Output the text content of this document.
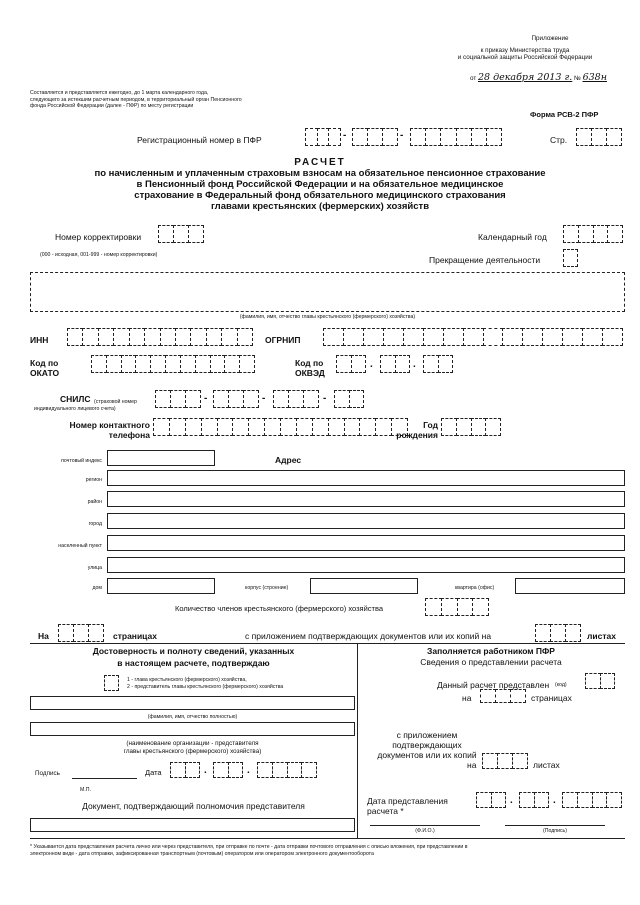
Приложение
к приказу Министерства труда
и социальной защиты Российской Федерации
от 28 декабря 2013 г. № 638н
Составляется и представляется ежегодно, до 1 марта календарного года,
следующего за истекшим расчетным периодом, в территориальный орган Пенсионного
фонда Российской Федерации (далее - ПФР) по месту регистрации
Форма РСВ-2 ПФР
Регистрационный номер в ПФР	-	-	Стр.
РАСЧЕТ
по начисленным и уплаченным страховым взносам на обязательное пенсионное страхование
в Пенсионный фонд Российской Федерации и на обязательное медицинское
страхование в Федеральный фонд обязательного медицинского страхования
главами крестьянских (фермерских) хозяйств
Номер корректировки
(000 - исходная, 001-999 - номер корректировки)
Календарный год
Прекращение деятельности
(фамилия, имя, отчество главы крестьянского (фермерского) хозяйства)
ИНН	ОГРНИП
Код по
ОКАТО
Код по
ОКВЭД
.	.
СНИЛС (страховой номер
индивидуального лицевого счета)
-	-	-
Номер контактного
телефона
Год
рождения
почтовый индекс	Адрес
регион
район
город
населенный пункт
улица
дом	корпус (строение)	квартира (офис)
Количество членов крестьянского (фермерского) хозяйства
На	страницах	с приложением подтверждающих документов или их копий на	листах
Достоверность и полноту сведений, указанных
в настоящем расчете, подтверждаю
1 - глава крестьянского (фермерского) хозяйства,
2 - представитель главы крестьянского (фермерского) хозяйства
(фамилия, имя, отчество полностью)
(наименование организации - представителя
главы крестьянского (фермерского) хозяйства)
Подпись	Дата	.	.
М.П.
Документ, подтверждающий полномочия представителя
Заполняется работником ПФР
Сведения о представлении расчета
Данный расчет представлен (код)
на	страницах
с приложением
подтверждающих
документов или их копий
на	листах
Дата представления
расчета *
.	.
(Ф.И.О.)	(Подпись)
* Указывается дата представления расчета лично или через представителя, при отправке по почте - дата отправки почтового отправления с описью вложения, при представлении в
электронном виде - дата отправки, зафиксированная транспортным (почтовым) оператором или оператором электронного документооборота
